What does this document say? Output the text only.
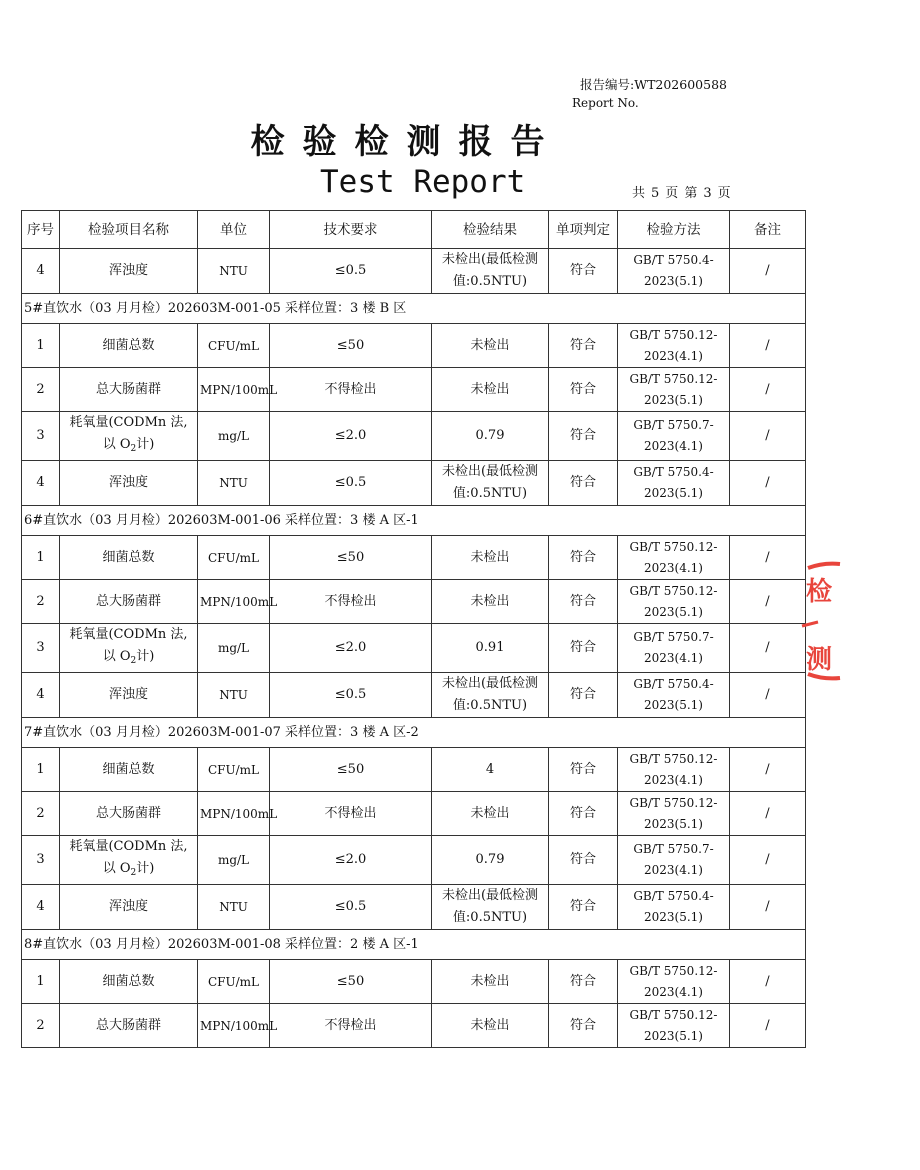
报告编号:WT202600588
Report No.
检验检测报告
Test Report	共 5 页 第 3 页
序号	检验项目名称	单位	技术要求	检验结果	单项判定	检验方法	备注
4	浑浊度	NTU	≤0.5	未检出(最低检测
值:0.5NTU)	符合	GB/T 5750.4-
2023(5.1)	/
5#直饮水（03 月月检）202603M-001-05 采样位置：3 楼 B 区							
1	细菌总数	CFU/mL	≤50	未检出	符合	GB/T 5750.12-
2023(4.1)	/
2	总大肠菌群	MPN/100mL	不得检出	未检出	符合	GB/T 5750.12-
2023(5.1)	/
3	耗氧量(CODMn 法,
以 $O_2$计)	mg/L	≤2.0	0.79	符合	GB/T 5750.7-
2023(4.1)	/
4	浑浊度	NTU	≤0.5	未检出(最低检测
值:0.5NTU)	符合	GB/T 5750.4-
2023(5.1)	/
6#直饮水（03 月月检）202603M-001-06 采样位置：3 楼 A 区-1							
1	细菌总数	CFU/mL	≤50	未检出	符合	GB/T 5750.12-
2023(4.1)	/
2	总大肠菌群	MPN/100mL	不得检出	未检出	符合	GB/T 5750.12-
2023(5.1)	/
3	耗氧量(CODMn 法,
以 $O_2$计)	mg/L	≤2.0	0.91	符合	GB/T 5750.7-
2023(4.1)	/
4	浑浊度	NTU	≤0.5	未检出(最低检测
值:0.5NTU)	符合	GB/T 5750.4-
2023(5.1)	/
7#直饮水（03 月月检）202603M-001-07 采样位置：3 楼 A 区-2							
1	细菌总数	CFU/mL	≤50	4	符合	GB/T 5750.12-
2023(4.1)	/
2	总大肠菌群	MPN/100mL	不得检出	未检出	符合	GB/T 5750.12-
2023(5.1)	/
3	耗氧量(CODMn 法,
以 $O_2$计)	mg/L	≤2.0	0.79	符合	GB/T 5750.7-
2023(4.1)	/
4	浑浊度	NTU	≤0.5	未检出(最低检测
值:0.5NTU)	符合	GB/T 5750.4-
2023(5.1)	/
8#直饮水（03 月月检）202603M-001-08 采样位置：2 楼 A 区-1							
1	细菌总数	CFU/mL	≤50	未检出	符合	GB/T 5750.12-
2023(4.1)	/
2	总大肠菌群	MPN/100mL	不得检出	未检出	符合	GB/T 5750.12-
2023(5.1)	/
检
测
